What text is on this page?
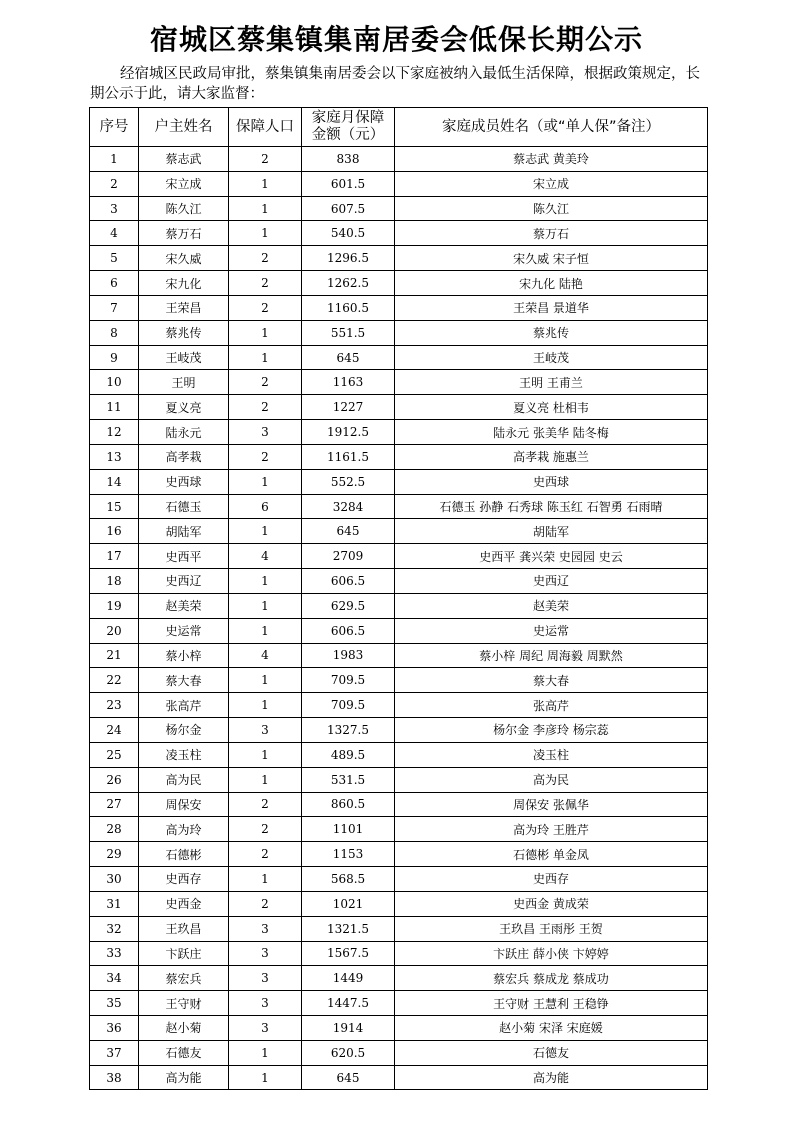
宿城区蔡集镇集南居委会低保长期公示
经宿城区民政局审批，蔡集镇集南居委会以下家庭被纳入最低生活保障，根据政策规定，长期公示于此，请大家监督：
序号	户主姓名	保障人口	家庭月保障金额（元）	家庭成员姓名（或“单人保”备注）
1	蔡志武	2	838	蔡志武 黄美玲
2	宋立成	1	601.5	宋立成
3	陈久江	1	607.5	陈久江
4	蔡万石	1	540.5	蔡万石
5	宋久威	2	1296.5	宋久威 宋子恒
6	宋九化	2	1262.5	宋九化 陆艳
7	王荣昌	2	1160.5	王荣昌 景道华
8	蔡兆传	1	551.5	蔡兆传
9	王岐茂	1	645	王岐茂
10	王明	2	1163	王明 王甫兰
11	夏义亮	2	1227	夏义亮 杜相韦
12	陆永元	3	1912.5	陆永元 张美华 陆冬梅
13	高孝栽	2	1161.5	高孝栽 施惠兰
14	史西球	1	552.5	史西球
15	石德玉	6	3284	石德玉 孙静 石秀球 陈玉红 石智勇 石雨晴
16	胡陆军	1	645	胡陆军
17	史西平	4	2709	史西平 龚兴荣 史园园 史云
18	史西辽	1	606.5	史西辽
19	赵美荣	1	629.5	赵美荣
20	史运常	1	606.5	史运常
21	蔡小梓	4	1983	蔡小梓 周纪 周海毅 周默然
22	蔡大春	1	709.5	蔡大春
23	张高芹	1	709.5	张高芹
24	杨尔金	3	1327.5	杨尔金 李彦玲 杨宗蕊
25	凌玉柱	1	489.5	凌玉柱
26	高为民	1	531.5	高为民
27	周保安	2	860.5	周保安 张佩华
28	高为玲	2	1101	高为玲 王胜芹
29	石德彬	2	1153	石德彬 单金凤
30	史西存	1	568.5	史西存
31	史西金	2	1021	史西金 黄成荣
32	王玖昌	3	1321.5	王玖昌 王雨彤 王贺
33	卞跃庄	3	1567.5	卞跃庄 薛小侠 卞婷婷
34	蔡宏兵	3	1449	蔡宏兵 蔡成龙 蔡成功
35	王守财	3	1447.5	王守财 王慧利 王稳铮
36	赵小菊	3	1914	赵小菊 宋泽 宋庭媛
37	石德友	1	620.5	石德友
38	高为能	1	645	高为能
